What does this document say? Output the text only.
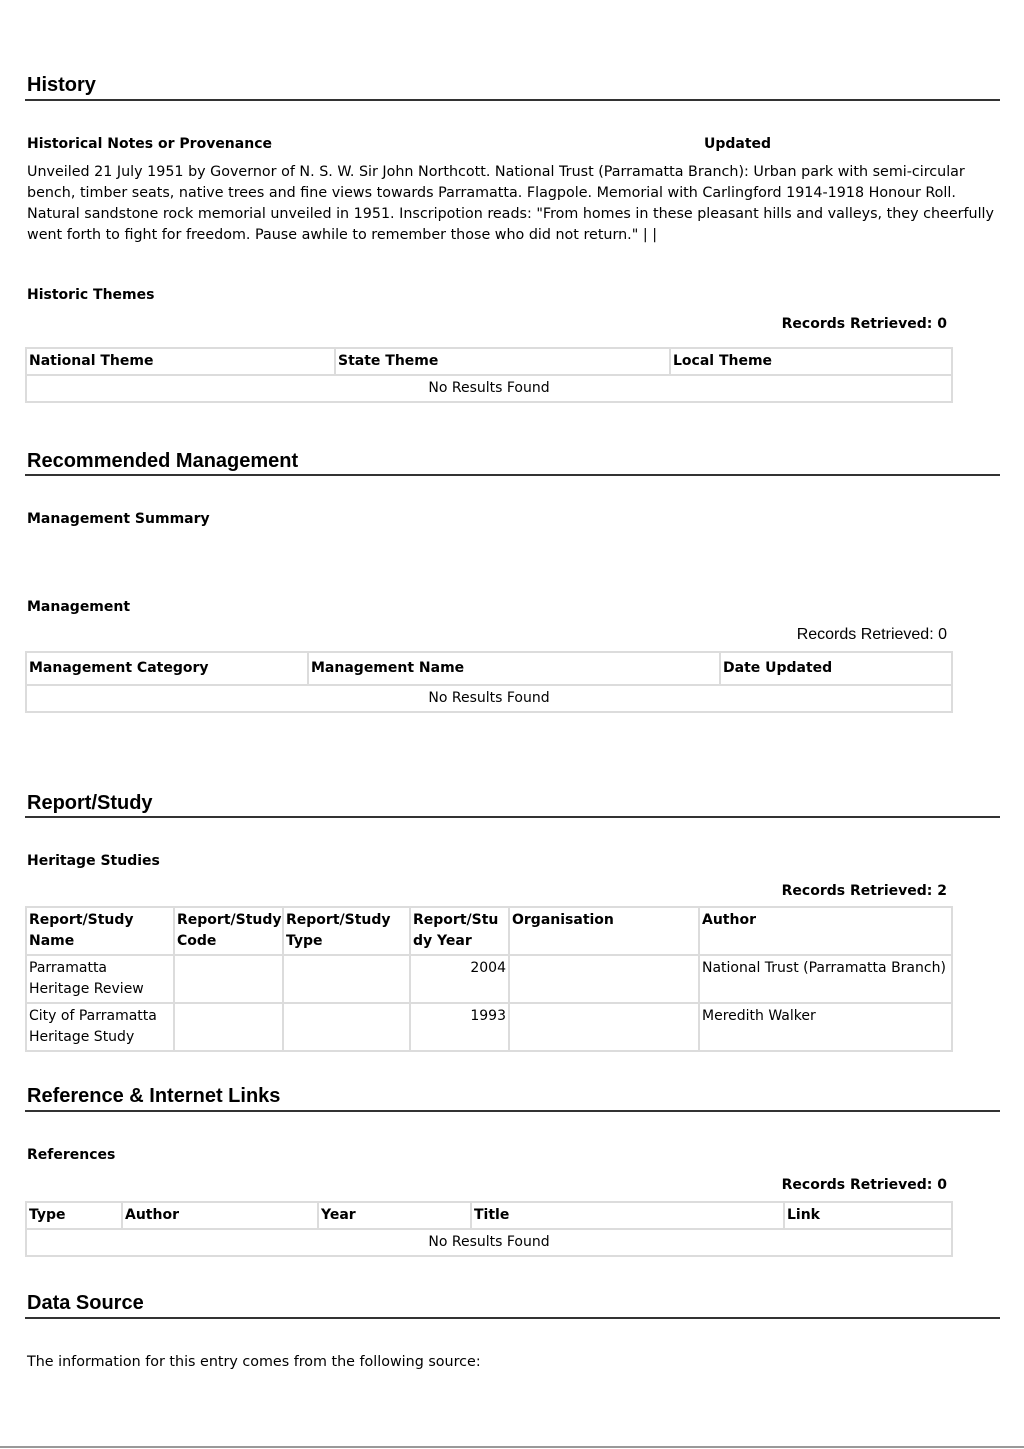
History
Historical Notes or Provenance	Updated
Unveiled 21 July 1951 by Governor of N. S. W. Sir John Northcott. National Trust (Parramatta Branch): Urban park with semi-circular bench, timber seats, native trees and fine views towards Parramatta. Flagpole. Memorial with Carlingford 1914-1918 Honour Roll. Natural sandstone rock memorial unveiled in 1951. Inscripotion reads: "From homes in these pleasant hills and valleys, they cheerfully went forth to fight for freedom. Pause awhile to remember those who did not return." | |
Historic Themes
Records Retrieved: 0
National Theme	State Theme	Local Theme
No Results Found
Recommended Management
Management Summary
Management
Records Retrieved: 0
Management Category	Management Name	Date Updated
No Results Found
Report/Study
Heritage Studies
Records Retrieved: 2
Report/Study Name	Report/Study Code	Report/Study Type	Report/Study Year	Organisation	Author
Parramatta Heritage Review			2004		National Trust (Parramatta Branch)
City of Parramatta Heritage Study			1993		Meredith Walker
Reference & Internet Links
References
Records Retrieved: 0
Type	Author	Year	Title	Link
No Results Found
Data Source
The information for this entry comes from the following source:
